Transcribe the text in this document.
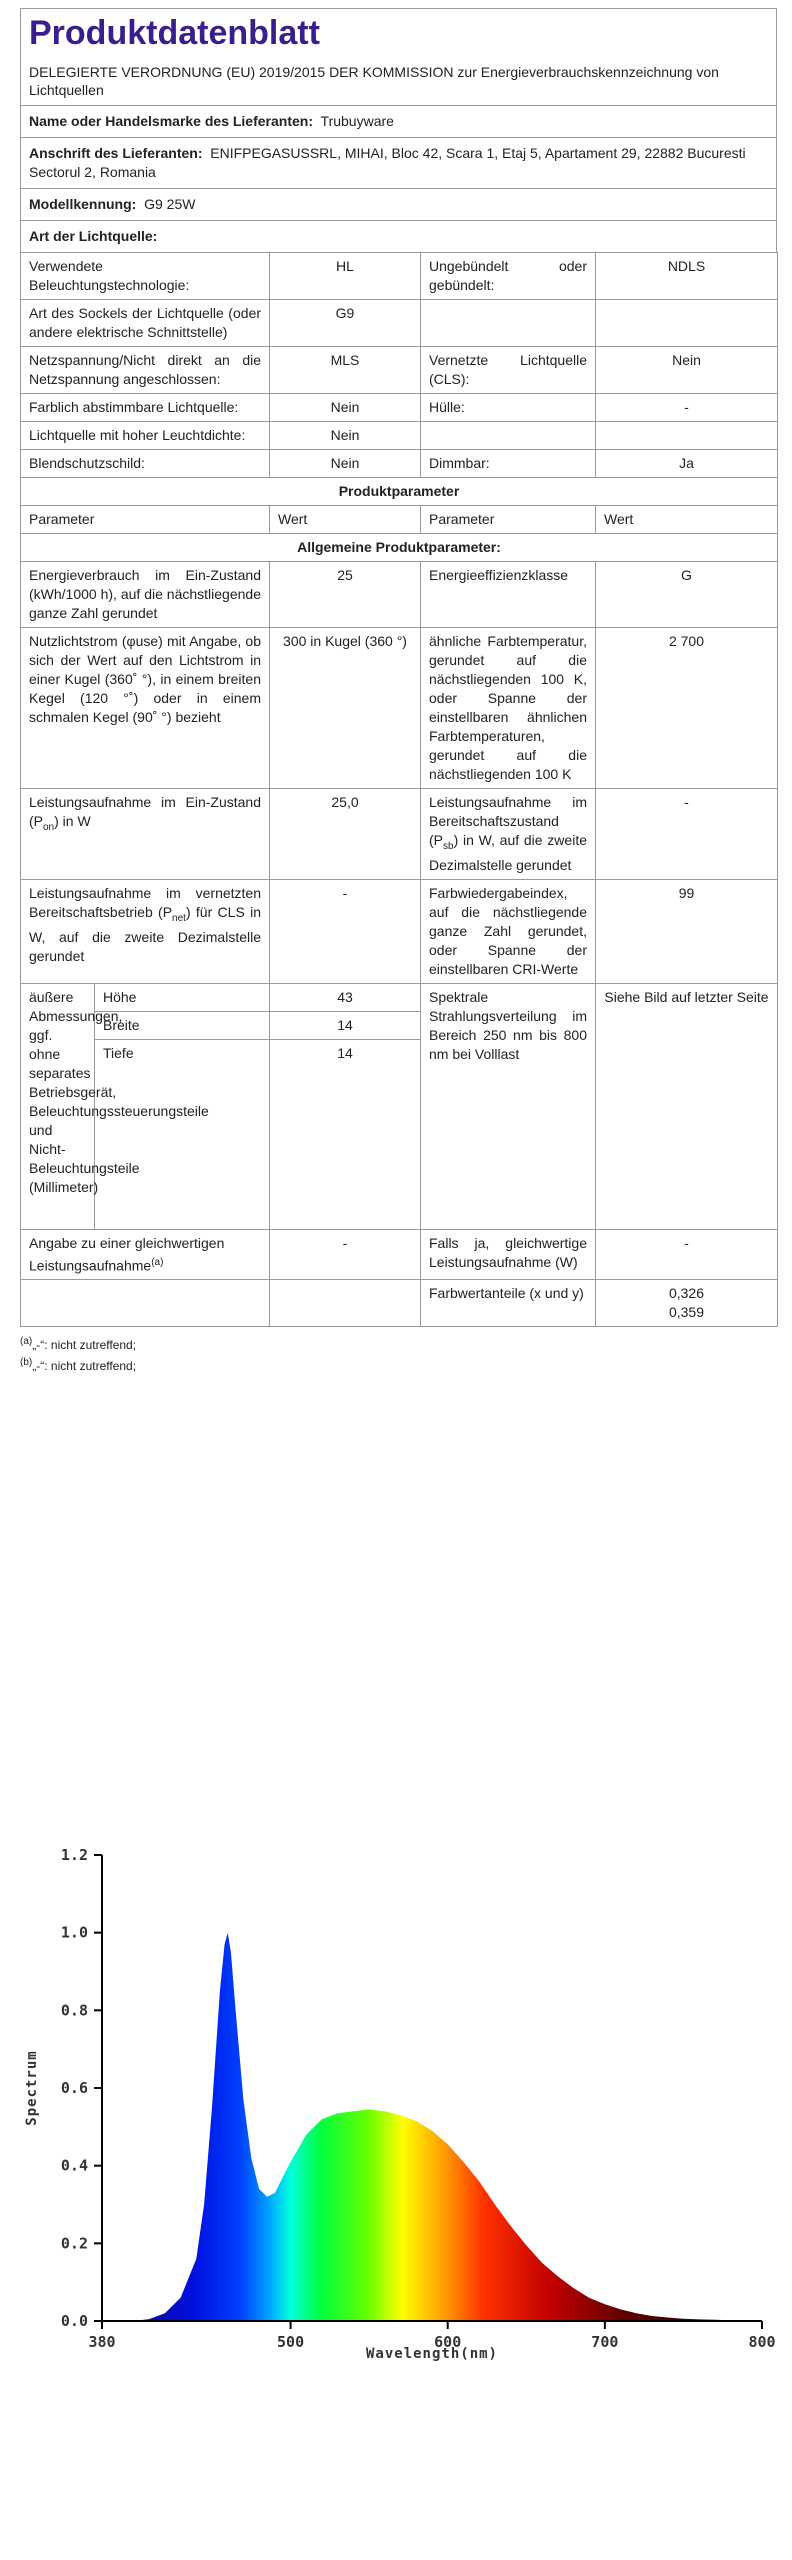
Produktdatenblatt
DELEGIERTE VERORDNUNG (EU) 2019/2015 DER KOMMISSION zur Energieverbrauchskennzeichnung von Lichtquellen
Name oder Handelsmarke des Lieferanten: Trubuyware
Anschrift des Lieferanten: ENIFPEGASUSSRL, MIHAI, Bloc 42, Scara 1, Etaj 5, Apartament 29, 22882 Bucuresti Sectorul 2, Romania
Modellkennung: G9 25W
Art der Lichtquelle:
Verwendete Beleuchtungstechnologie:		HL	Ungebündelt oder gebündelt:	NDLS
Art des Sockels der Lichtquelle (oder andere elektrische Schnittstelle)		G9		
Netzspannung/Nicht direkt an die Netzspannung angeschlossen:		MLS	Vernetzte Lichtquelle (CLS):	Nein
Farblich abstimmbare Lichtquelle:		Nein	Hülle:	-
Lichtquelle mit hoher Leuchtdichte:		Nein		
Blendschutzschild:		Nein	Dimmbar:	Ja
Produktparameter				
Parameter		Wert	Parameter	Wert
Allgemeine Produktparameter:				
Energieverbrauch im Ein-Zustand (kWh/1000 h), auf die nächstliegende ganze Zahl gerundet		25	Energieeffizienzklasse	G
Nutzlichtstrom (φuse) mit Angabe, ob sich der Wert auf den Lichtstrom in einer Kugel (360˚ °), in einem breiten Kegel (120 °˚) oder in einem schmalen Kegel (90˚ °) bezieht		300 in Kugel (360 °)	ähnliche Farbtemperatur, gerundet auf die nächstliegenden 100 K, oder Spanne der einstellbaren ähnlichen Farbtemperaturen, gerundet auf die nächstliegenden 100 K	2 700
Leistungsaufnahme im Ein-Zustand $(P_{on})$ in W		25,0	Leistungsaufnahme im Bereitschaftszustand $(P_{sb})$ in W, auf die zweite Dezimalstelle gerundet	-
Leistungsaufnahme im vernetzten Bereitschaftsbetrieb $(P_{net})$ für CLS in W, auf die zweite Dezimalstelle gerundet		-	Farbwiedergabeindex, auf die nächstliegende ganze Zahl gerundet, oder Spanne der einstellbaren CRI-Werte	99
äußere Abmessungen, ggf. ohne separates Betriebsgerät, Beleuchtungssteuerungsteile und Nicht-Beleuchtungsteile (Millimeter)	Höhe	43	Spektrale Strahlungsverteilung im Bereich 250 nm bis 800 nm bei Volllast	Siehe Bild auf letzter Seite
	Breite	14		
	Tiefe	14		
Angabe zu einer gleichwertigen Leistungsaufnahme$^{(a)}$		-	Falls ja, gleichwertige Leistungsaufnahme (W)	-
			Farbwertanteile (x und y)	0,326
0,359
$^{(a)}$„-“: nicht zutreffend;
$^{(b)}$„-“: nicht zutreffend;
0.0
0.2
0.4
0.6
0.8
1.0
1.2
380	500	600	700	800
Wavelength(nm)
Spectrum
